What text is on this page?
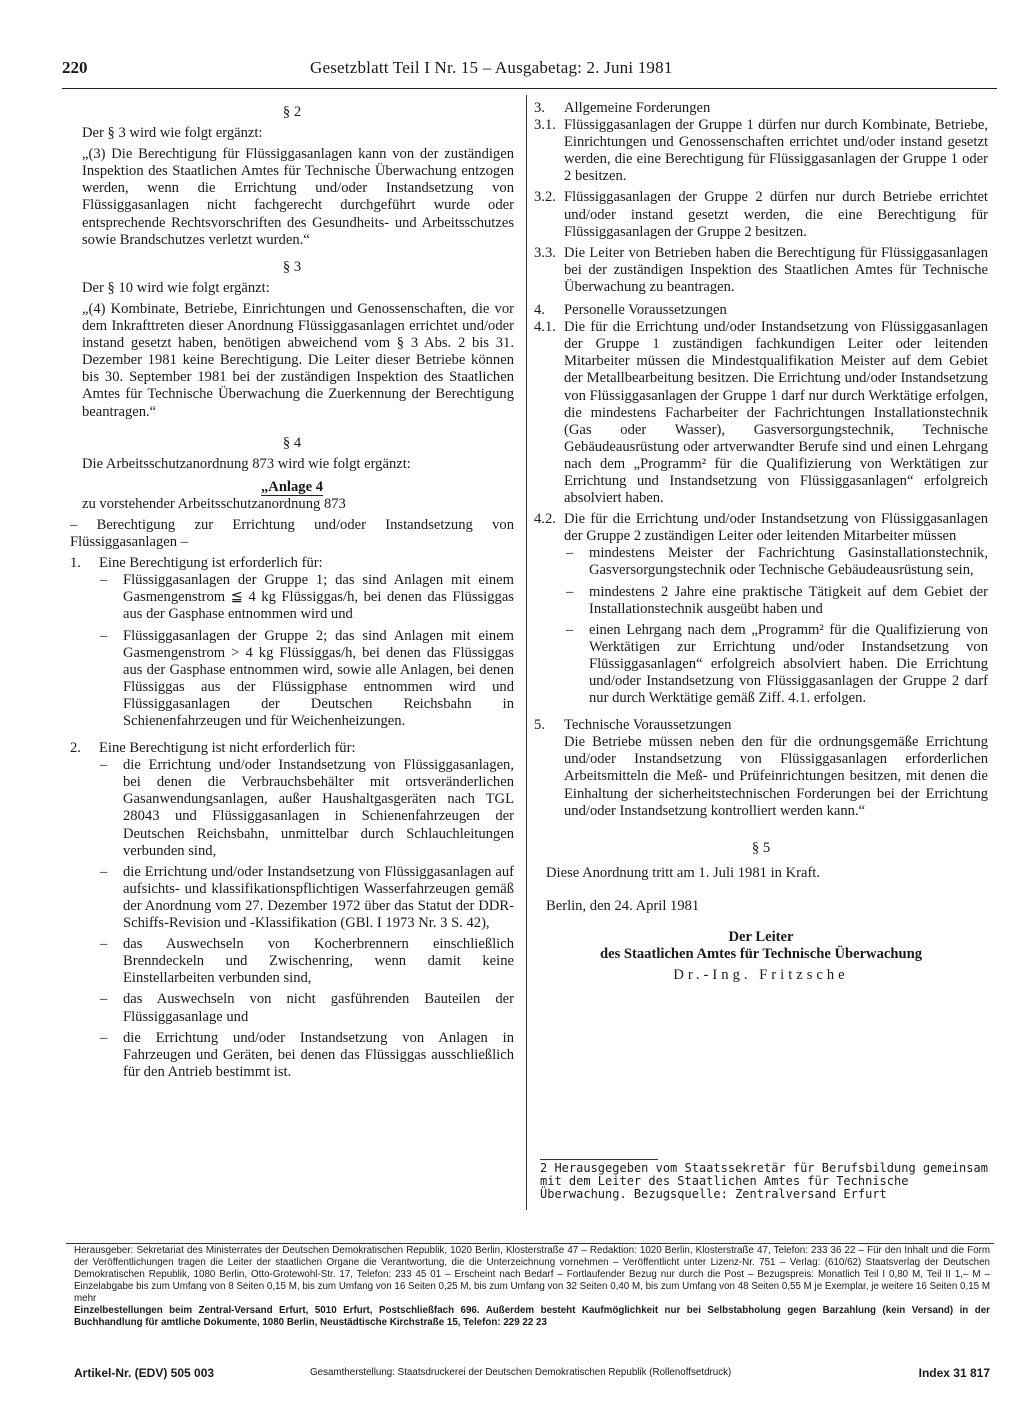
220	Gesetzblatt Teil I Nr. 15 – Ausgabetag: 2. Juni 1981

§ 2

Der § 3 wird wie folgt ergänzt:

„(3) Die Berechtigung für Flüssiggasanlagen kann von der zuständigen Inspektion des Staatlichen Amtes für Technische Überwachung entzogen werden, wenn die Errichtung und/oder Instandsetzung von Flüssiggasanlagen nicht fachgerecht durchgeführt wurde oder entsprechende Rechtsvorschriften des Gesundheits- und Arbeitsschutzes sowie Brandschutzes verletzt wurden.“

§ 3

Der § 10 wird wie folgt ergänzt:

„(4) Kombinate, Betriebe, Einrichtungen und Genossenschaften, die vor dem Inkrafttreten dieser Anordnung Flüssiggasanlagen errichtet und/oder instand gesetzt haben, benötigen abweichend vom § 3 Abs. 2 bis 31. Dezember 1981 keine Berechtigung. Die Leiter dieser Betriebe können bis 30. September 1981 bei der zuständigen Inspektion des Staatlichen Amtes für Technische Überwachung die Zuerkennung der Berechtigung beantragen.“

§ 4

Die Arbeitsschutzanordnung 873 wird wie folgt ergänzt:

„Anlage 4

zu vorstehender Arbeitsschutzanordnung 873

– Berechtigung zur Errichtung und/oder Instandsetzung von Flüssiggasanlagen –

1. Eine Berechtigung ist erforderlich für:

– Flüssiggasanlagen der Gruppe 1; das sind Anlagen mit einem Gasmengenstrom ≦ 4 kg Flüssiggas/h, bei denen das Flüssiggas aus der Gasphase entnommen wird und

– Flüssiggasanlagen der Gruppe 2; das sind Anlagen mit einem Gasmengenstrom > 4 kg Flüssiggas/h, bei denen das Flüssiggas aus der Gasphase entnommen wird, sowie alle Anlagen, bei denen Flüssiggas aus der Flüssigphase entnommen wird und Flüssiggasanlagen der Deutschen Reichsbahn in Schienenfahrzeugen und für Weichenheizungen.

2. Eine Berechtigung ist nicht erforderlich für:

– die Errichtung und/oder Instandsetzung von Flüssiggasanlagen, bei denen die Verbrauchsbehälter mit ortsveränderlichen Gasanwendungsanlagen, außer Haushaltgasgeräten nach TGL 28043 und Flüssiggasanlagen in Schienenfahrzeugen der Deutschen Reichsbahn, unmittelbar durch Schlauchleitungen verbunden sind,

– die Errichtung und/oder Instandsetzung von Flüssiggasanlagen auf aufsichts- und klassifikationspflichtigen Wasserfahrzeugen gemäß der Anordnung vom 27. Dezember 1972 über das Statut der DDR-Schiffs-Revision und -Klassifikation (GBl. I 1973 Nr. 3 S. 42),

– das Auswechseln von Kocherbrennern einschließlich Brenndeckeln und Zwischenring, wenn damit keine Einstellarbeiten verbunden sind,

– das Auswechseln von nicht gasführenden Bauteilen der Flüssiggasanlage und

– die Errichtung und/oder Instandsetzung von Anlagen in Fahrzeugen und Geräten, bei denen das Flüssiggas ausschließlich für den Antrieb bestimmt ist.

3. Allgemeine Forderungen

3.1. Flüssiggasanlagen der Gruppe 1 dürfen nur durch Kombinate, Betriebe, Einrichtungen und Genossenschaften errichtet und/oder instand gesetzt werden, die eine Berechtigung für Flüssiggasanlagen der Gruppe 1 oder 2 besitzen.

3.2. Flüssiggasanlagen der Gruppe 2 dürfen nur durch Betriebe errichtet und/oder instand gesetzt werden, die eine Berechtigung für Flüssiggasanlagen der Gruppe 2 besitzen.

3.3. Die Leiter von Betrieben haben die Berechtigung für Flüssiggasanlagen bei der zuständigen Inspektion des Staatlichen Amtes für Technische Überwachung zu beantragen.

4. Personelle Voraussetzungen

4.1. Die für die Errichtung und/oder Instandsetzung von Flüssiggasanlagen der Gruppe 1 zuständigen fachkundigen Leiter oder leitenden Mitarbeiter müssen die Mindestqualifikation Meister auf dem Gebiet der Metallbearbeitung besitzen. Die Errichtung und/oder Instandsetzung von Flüssiggasanlagen der Gruppe 1 darf nur durch Werktätige erfolgen, die mindestens Facharbeiter der Fachrichtungen Installationstechnik (Gas oder Wasser), Gasversorgungstechnik, Technische Gebäudeausrüstung oder artverwandter Berufe sind und einen Lehrgang nach dem „Programm² für die Qualifizierung von Werktätigen zur Errichtung und Instandsetzung von Flüssiggasanlagen“ erfolgreich absolviert haben.

4.2. Die für die Errichtung und/oder Instandsetzung von Flüssiggasanlagen der Gruppe 2 zuständigen Leiter oder leitenden Mitarbeiter müssen

– mindestens Meister der Fachrichtung Gasinstallationstechnik, Gasversorgungstechnik oder Technische Gebäudeausrüstung sein,

– mindestens 2 Jahre eine praktische Tätigkeit auf dem Gebiet der Installationstechnik ausgeübt haben und

– einen Lehrgang nach dem „Programm² für die Qualifizierung von Werktätigen zur Errichtung und/oder Instandsetzung von Flüssiggasanlagen“ erfolgreich absolviert haben. Die Errichtung und/oder Instandsetzung von Flüssiggasanlagen der Gruppe 2 darf nur durch Werktätige gemäß Ziff. 4.1. erfolgen.

5. Technische Voraussetzungen

Die Betriebe müssen neben den für die ordnungsgemäße Errichtung und/oder Instandsetzung von Flüssiggasanlagen erforderlichen Arbeitsmitteln die Meß- und Prüfeinrichtungen besitzen, mit denen die Einhaltung der sicherheitstechnischen Forderungen bei der Errichtung und/oder Instandsetzung kontrolliert werden kann.“

§ 5

Diese Anordnung tritt am 1. Juli 1981 in Kraft.

Berlin, den 24. April 1981

Der Leiter

des Staatlichen Amtes für Technische Überwachung

Dr.-Ing. Fritzsche

2 Herausgegeben vom Staatssekretär für Berufsbildung gemeinsam mit dem Leiter des Staatlichen Amtes für Technische Überwachung. Bezugsquelle: Zentralversand Erfurt

Herausgeber: Sekretariat des Ministerrates der Deutschen Demokratischen Republik, 1020 Berlin, Klosterstraße 47 – Redaktion: 1020 Berlin, Klosterstraße 47, Telefon: 233 36 22 – Für den Inhalt und die Form der Veröffentlichungen tragen die Leiter der staatlichen Organe die Verantwortung, die die Unterzeichnung vornehmen – Veröffentlicht unter Lizenz-Nr. 751 – Verlag: (610/62) Staatsverlag der Deutschen Demokratischen Republik, 1080 Berlin, Otto-Grotewohl-Str. 17, Telefon: 233 45 01 – Erscheint nach Bedarf – Fortlaufender Bezug nur durch die Post – Bezugspreis: Monatlich Teil I 0,80 M, Teil II 1,– M – Einzelabgabe bis zum Umfang von 8 Seiten 0,15 M, bis zum Umfang von 16 Seiten 0,25 M, bis zum Umfang von 32 Seiten 0,40 M, bis zum Umfang von 48 Seiten 0,55 M je Exemplar, je weitere 16 Seiten 0,15 M mehr

Einzelbestellungen beim Zentral-Versand Erfurt, 5010 Erfurt, Postschließfach 696. Außerdem besteht Kaufmöglichkeit nur bei Selbstabholung gegen Barzahlung (kein Versand) in der Buchhandlung für amtliche Dokumente, 1080 Berlin, Neustädtische Kirchstraße 15, Telefon: 229 22 23

Artikel-Nr. (EDV) 505 003	Gesamtherstellung: Staatsdruckerei der Deutschen Demokratischen Republik (Rollenoffsetdruck)	Index 31 817
